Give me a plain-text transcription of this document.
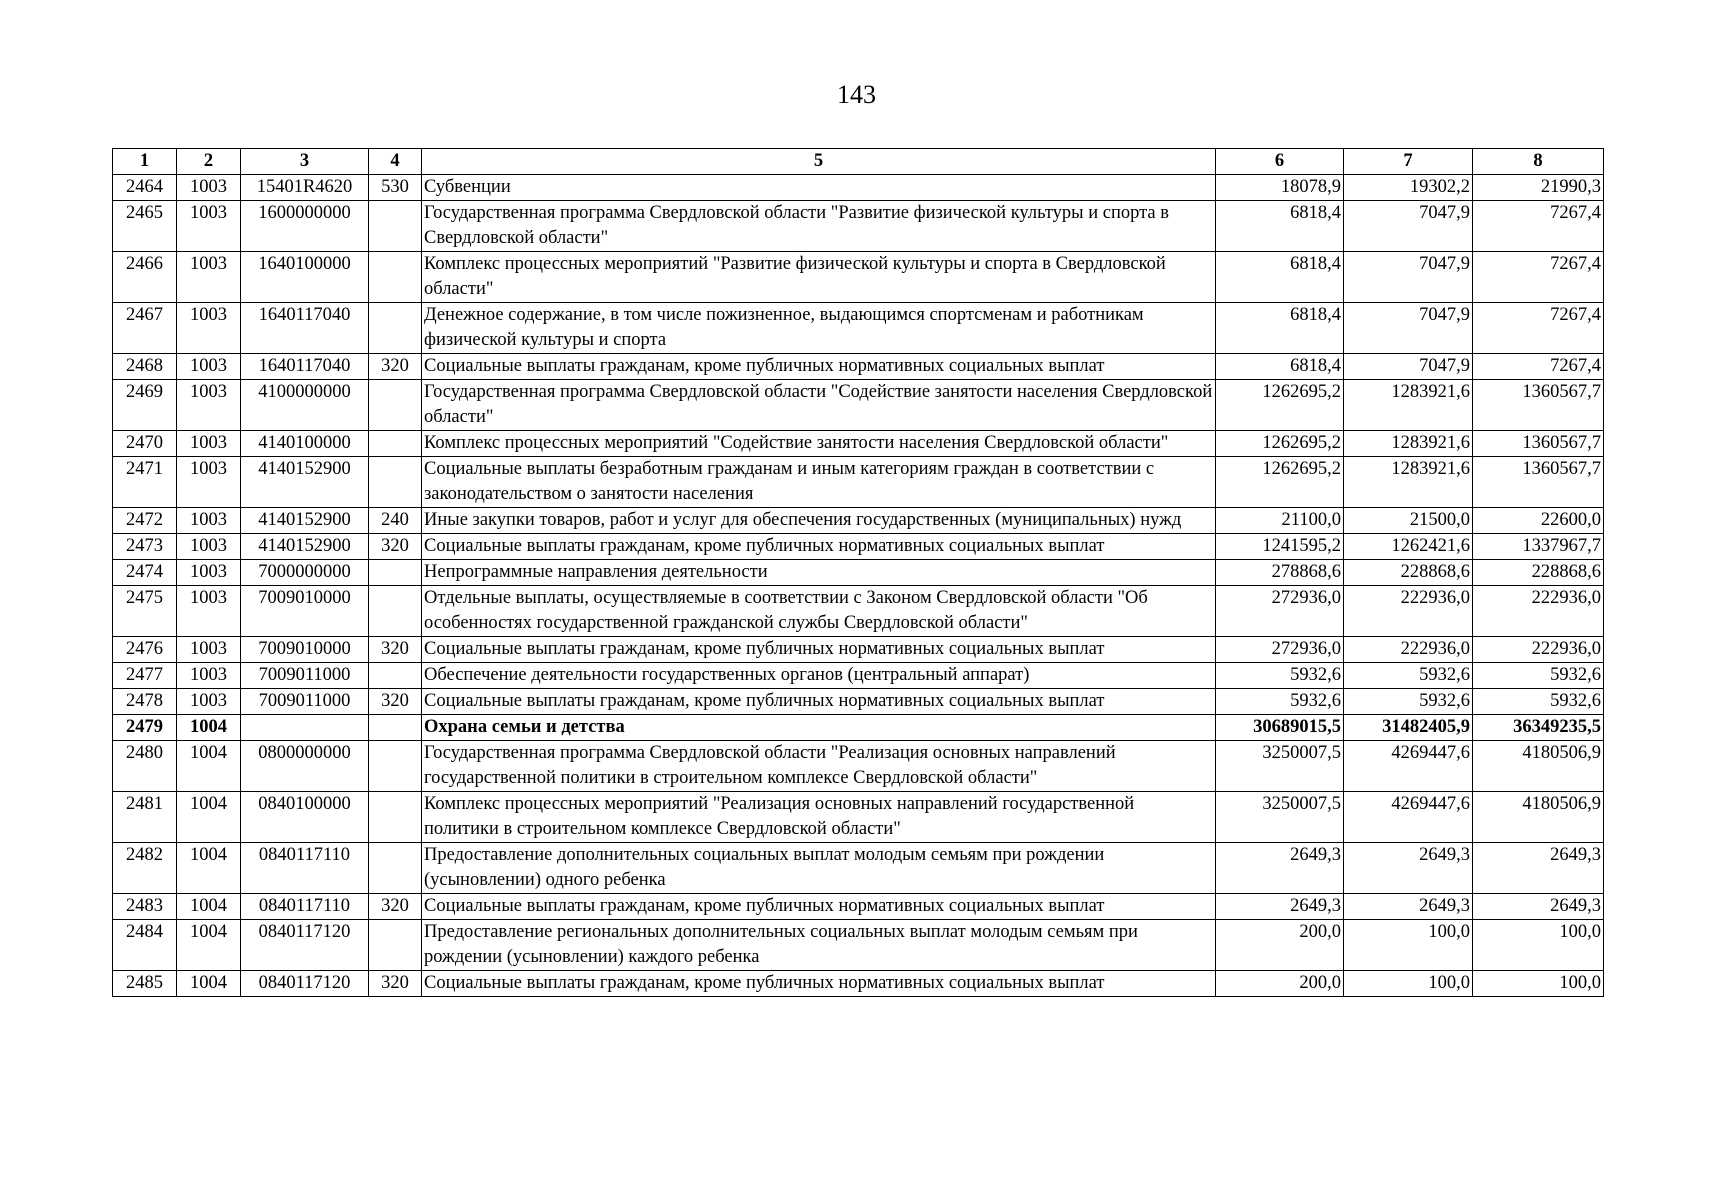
143
1	2	3	4	5	6	7	8
2464	1003	15401R4620	530	Субвенции	18078,9	19302,2	21990,3
2465	1003	1600000000		Государственная программа Свердловской области "Развитие физической культуры и спорта в Свердловской области"	6818,4	7047,9	7267,4
2466	1003	1640100000		Комплекс процессных мероприятий "Развитие физической культуры и спорта в Свердловской области"	6818,4	7047,9	7267,4
2467	1003	1640117040		Денежное содержание, в том числе пожизненное, выдающимся спортсменам и работникам физической культуры и спорта	6818,4	7047,9	7267,4
2468	1003	1640117040	320	Социальные выплаты гражданам, кроме публичных нормативных социальных выплат	6818,4	7047,9	7267,4
2469	1003	4100000000		Государственная программа Свердловской области "Содействие занятости населения Свердловской области"	1262695,2	1283921,6	1360567,7
2470	1003	4140100000		Комплекс процессных мероприятий "Содействие занятости населения Свердловской области"	1262695,2	1283921,6	1360567,7
2471	1003	4140152900		Социальные выплаты безработным гражданам и иным категориям граждан в соответствии с законодательством о занятости населения	1262695,2	1283921,6	1360567,7
2472	1003	4140152900	240	Иные закупки товаров, работ и услуг для обеспечения государственных (муниципальных) нужд	21100,0	21500,0	22600,0
2473	1003	4140152900	320	Социальные выплаты гражданам, кроме публичных нормативных социальных выплат	1241595,2	1262421,6	1337967,7
2474	1003	7000000000		Непрограммные направления деятельности	278868,6	228868,6	228868,6
2475	1003	7009010000		Отдельные выплаты, осуществляемые в соответствии с Законом Свердловской области "Об особенностях государственной гражданской службы Свердловской области"	272936,0	222936,0	222936,0
2476	1003	7009010000	320	Социальные выплаты гражданам, кроме публичных нормативных социальных выплат	272936,0	222936,0	222936,0
2477	1003	7009011000		Обеспечение деятельности государственных органов (центральный аппарат)	5932,6	5932,6	5932,6
2478	1003	7009011000	320	Социальные выплаты гражданам, кроме публичных нормативных социальных выплат	5932,6	5932,6	5932,6
2479	1004			Охрана семьи и детства	30689015,5	31482405,9	36349235,5
2480	1004	0800000000		Государственная программа Свердловской области "Реализация основных направлений государственной политики в строительном комплексе Свердловской области"	3250007,5	4269447,6	4180506,9
2481	1004	0840100000		Комплекс процессных мероприятий "Реализация основных направлений государственной политики в строительном комплексе Свердловской области"	3250007,5	4269447,6	4180506,9
2482	1004	0840117110		Предоставление дополнительных социальных выплат молодым семьям при рождении (усыновлении) одного ребенка	2649,3	2649,3	2649,3
2483	1004	0840117110	320	Социальные выплаты гражданам, кроме публичных нормативных социальных выплат	2649,3	2649,3	2649,3
2484	1004	0840117120		Предоставление региональных дополнительных социальных выплат молодым семьям при рождении (усыновлении) каждого ребенка	200,0	100,0	100,0
2485	1004	0840117120	320	Социальные выплаты гражданам, кроме публичных нормативных социальных выплат	200,0	100,0	100,0
